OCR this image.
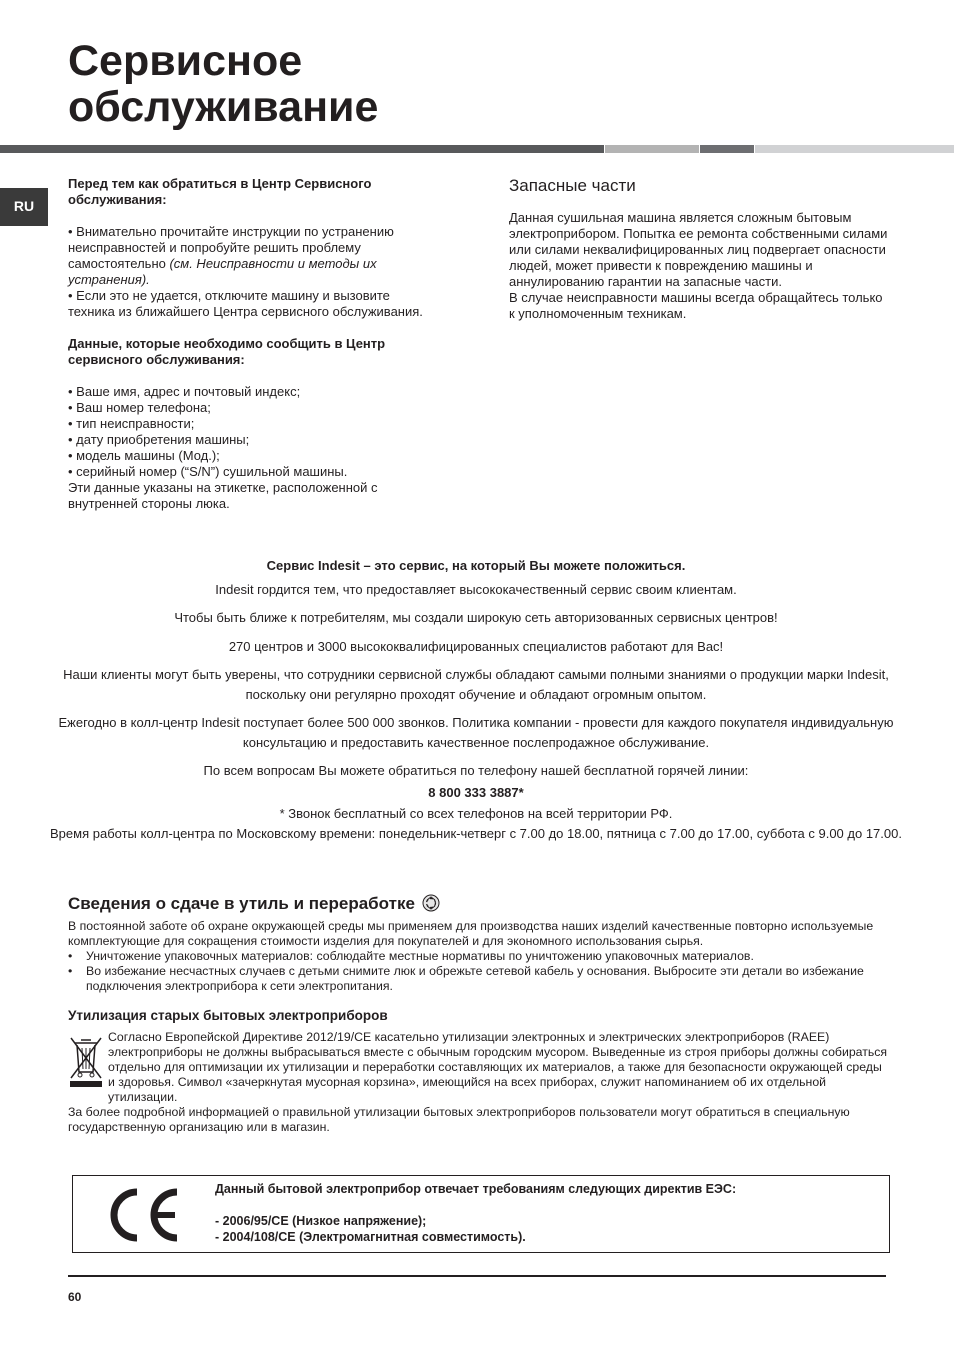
Сервисное
обслуживание
RU
Перед тем как обратиться в Центр Сервисного обслуживания:
• Внимательно прочитайте инструкции по устранению неисправностей и попробуйте решить проблему самостоятельно (см. Неисправности и методы их устранения).
• Если это не удается, отключите машину и вызовите техника из ближайшего Центра сервисного обслуживания.
Данные, которые необходимо сообщить в Центр сервисного обслуживания:
• Ваше имя, адрес и почтовый индекс;
• Ваш номер телефона;
• тип неисправности;
• дату приобретения машины;
• модель машины (Мод.);
• серийный номер (“S/N”) сушильной машины.
Эти данные указаны на этикетке, расположенной с внутренней стороны люка.
Запасные части
Данная сушильная машина является сложным бытовым электроприбором. Попытка ее ремонта собственными силами или силами неквалифицированных лиц подвергает опасности людей, может привести к повреждению машины и аннулированию гарантии на запасные части.
В случае неисправности машины всегда обращайтесь только к уполномоченным техникам.

Сервис Indesit – это сервис, на который Вы можете положиться.

Indesit гордится тем, что предоставляет высококачественный сервис своим клиентам.

Чтобы быть ближе к потребителям, мы создали широкую сеть авторизованных сервисных центров!

270 центров и 3000 высококвалифицированных специалистов работают для Вас!

Наши клиенты могут быть уверены, что сотрудники сервисной службы обладают самыми полными знаниями о продукции марки Indesit, поскольку они регулярно проходят обучение и обладают огромным опытом.

Ежегодно в колл-центр Indesit поступает более 500 000 звонков. Политика компании - провести для каждого покупателя индивидуальную консультацию и предоставить качественное послепродажное обслуживание.

По всем вопросам Вы можете обратиться по телефону нашей бесплатной горячей линии:

8 800 333 3887*

* Звонок бесплатный со всех телефонов на всей территории РФ.

Время работы колл-центра по Московскому времени: понедельник-четверг с 7.00 до 18.00, пятница с 7.00 до 17.00, суббота с 9.00 до 17.00.

Сведения о сдаче в утиль и переработке
В постоянной заботе об охране окружающей среды мы применяем для производства наших изделий качественные повторно используемые комплектующие для сокращения стоимости изделия для покупателей и для экономного использования сырья.
•	Уничтожение упаковочных материалов: соблюдайте местные нормативы по уничтожению упаковочных материалов.
•	Во избежание несчастных случаев с детьми снимите люк и обрежьте сетевой кабель у основания. Выбросите эти детали во избежание подключения электроприбора к сети электропитания.
Утилизация старых бытовых электроприборов
Согласно Европейской Директиве 2012/19/CE касательно утилизации электронных и электрических электроприборов (RAEE) электроприборы не должны выбрасываться вместе с обычным городским мусором. Выведенные из строя приборы должны собираться отдельно для оптимизации их утилизации и переработки составляющих их материалов, а также для безопасности окружающей среды и здоровья. Символ «зачеркнутая мусорная корзина», имеющийся на всех приборах, служит напоминанием об их отдельной утилизации.
За более подробной информацией о правильной утилизации бытовых электроприборов пользователи могут обратиться в специальную государственную организацию или в магазин.
Данный бытовой электроприбор отвечает требованиям следующих директив ЕЭС:
- 2006/95/CE (Низкое напряжение);
- 2004/108/CE (Электромагнитная совместимость).
60
